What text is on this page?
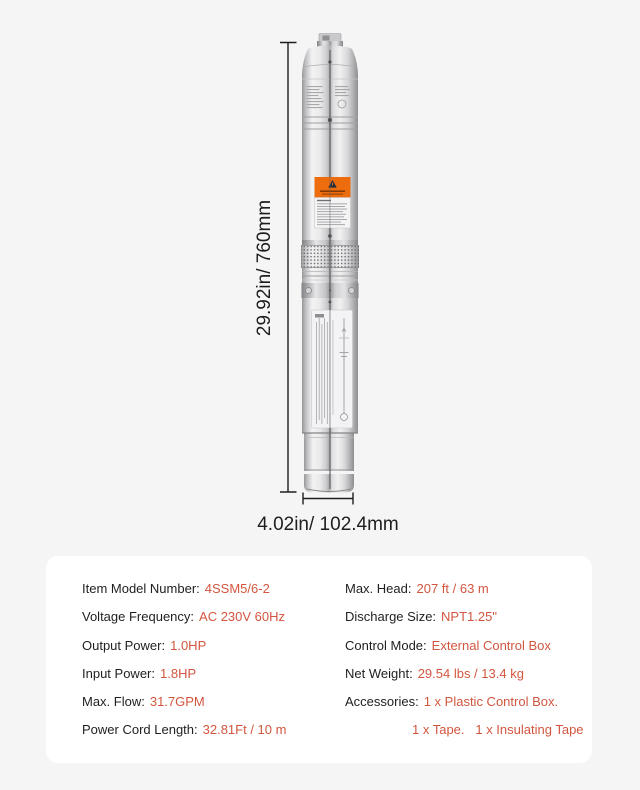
29.92in/ 760mm
4.02in/ 102.4mm
Item Model Number: 4SSM5/6-2
Voltage Frequency: AC 230V 60Hz
Output Power: 1.0HP
Input Power: 1.8HP
Max. Flow: 31.7GPM
Power Cord Length: 32.81Ft / 10 m
Max. Head: 207 ft / 63 m
Discharge Size: NPT1.25"
Control Mode: External Control Box
Net Weight: 29.54 lbs / 13.4 kg
Accessories: 1 x Plastic Control Box.
1 x Tape.   1 x Insulating Tape
